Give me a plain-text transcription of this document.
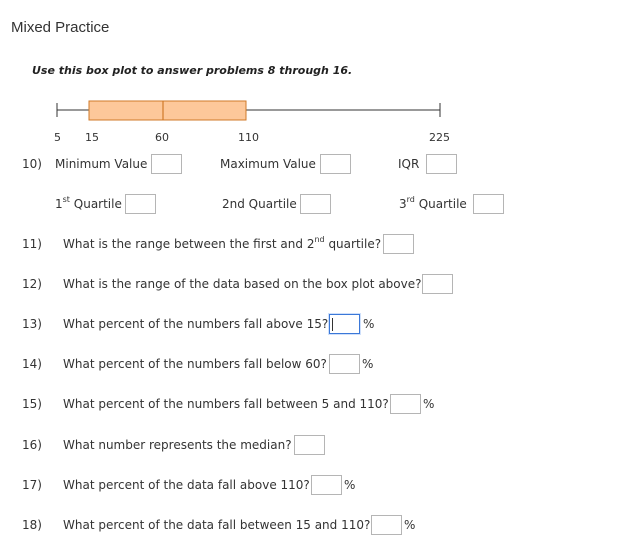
Mixed Practice
Use this box plot to answer problems 8 through 16.
5 15	60	110	225
10) Minimum Value	Maximum Value	IQR
1st Quartile	2nd Quartile	3rd Quartile
11) What is the range between the first and 2nd quartile?
12) What is the range of the data based on the box plot above?
13) What percent of the numbers fall above 15?	%
14) What percent of the numbers fall below 60?	%
15) What percent of the numbers fall between 5 and 110?	%
16) What number represents the median?
17) What percent of the data fall above 110?	%
18) What percent of the data fall between 15 and 110?	%
